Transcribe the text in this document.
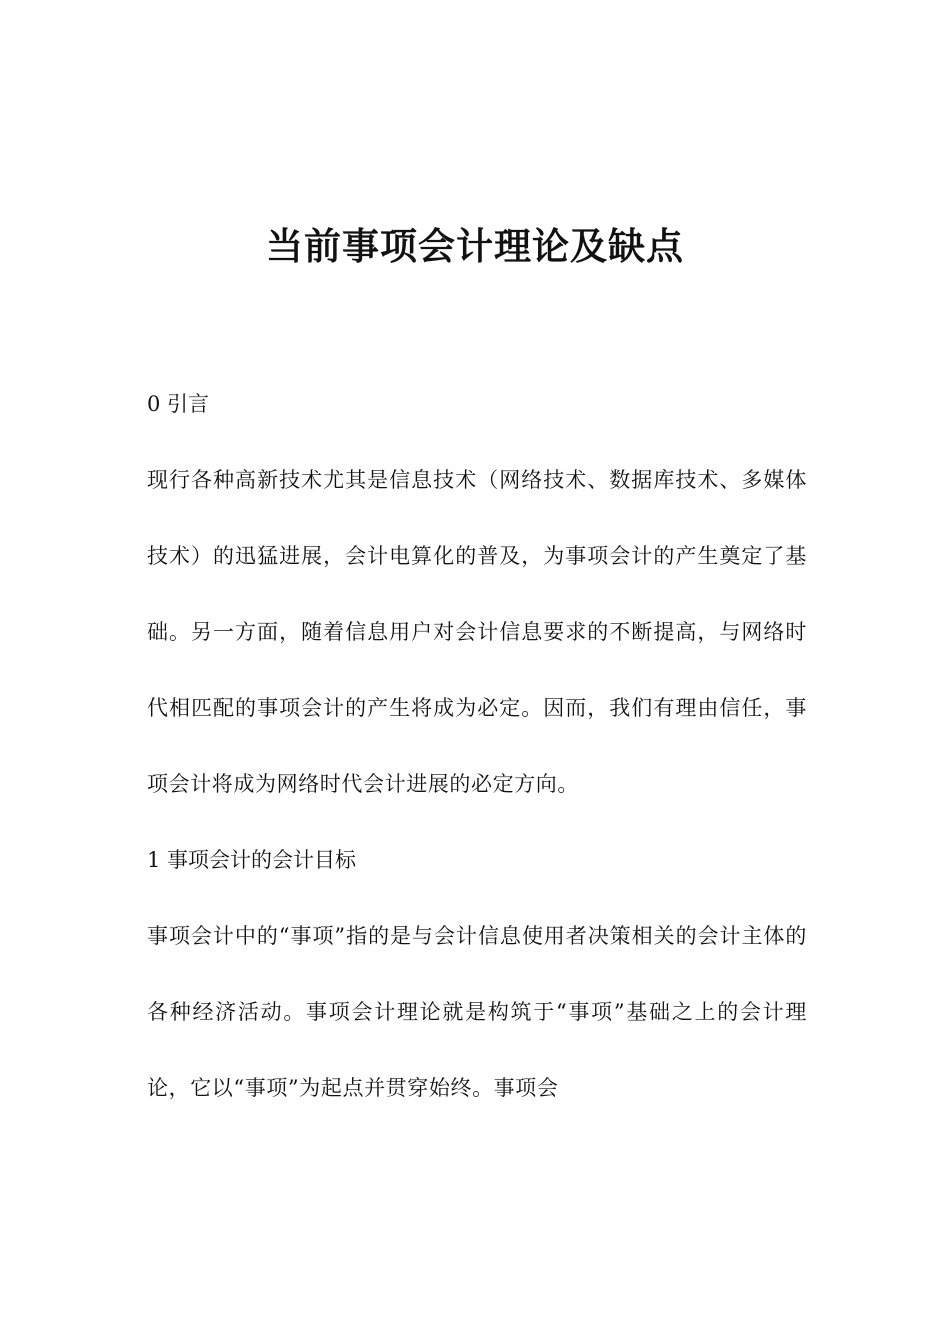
当前事项会计理论及缺点

0 引言

现行各种高新技术尤其是信息技术（网络技术、数据库技术、多媒体技术）的迅猛进展，会计电算化的普及，为事项会计的产生奠定了基础。另一方面，随着信息用户对会计信息要求的不断提高，与网络时代相匹配的事项会计的产生将成为必定。因而，我们有理由信任，事项会计将成为网络时代会计进展的必定方向。

1 事项会计的会计目标

事项会计中的“事项”指的是与会计信息使用者决策相关的会计主体的各种经济活动。事项会计理论就是构筑于“事项”基础之上的会计理论，它以“事项”为起点并贯穿始终。事项会
